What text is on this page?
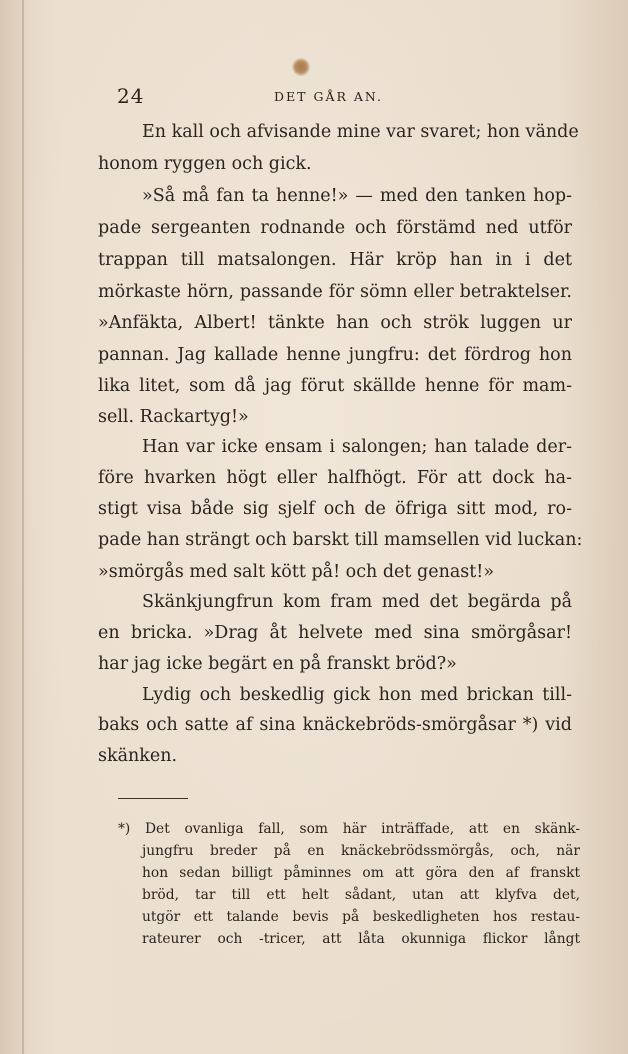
24	DET GÅR AN.
En kall och afvisande mine var svaret; hon vände
honom ryggen och gick.
»Så må fan ta henne!» — med den tanken hop-
pade sergeanten rodnande och förstämd ned utför
trappan till matsalongen. Här kröp han in i det
mörkaste hörn, passande för sömn eller betraktelser.
»Anfäkta, Albert! tänkte han och strök luggen ur
pannan. Jag kallade henne jungfru: det fördrog hon
lika litet, som då jag förut skällde henne för mam-
sell. Rackartyg!»
Han var icke ensam i salongen; han talade der-
före hvarken högt eller halfhögt. För att dock ha-
stigt visa både sig sjelf och de öfriga sitt mod, ro-
pade han strängt och barskt till mamsellen vid luckan:
»smörgås med salt kött på! och det genast!»
Skänkjungfrun kom fram med det begärda på
en bricka. »Drag åt helvete med sina smörgåsar!
har jag icke begärt en på franskt bröd?»
Lydig och beskedlig gick hon med brickan till-
baks och satte af sina knäckebröds-smörgåsar *) vid
skänken.
*) Det ovanliga fall, som här inträffade, att en skänk-
jungfru breder på en knäckebrödssmörgås, och, när
hon sedan billigt påminnes om att göra den af franskt
bröd, tar till ett helt sådant, utan att klyfva det,
utgör ett talande bevis på beskedligheten hos restau-
rateurer och -tricer, att låta okunniga flickor långt
